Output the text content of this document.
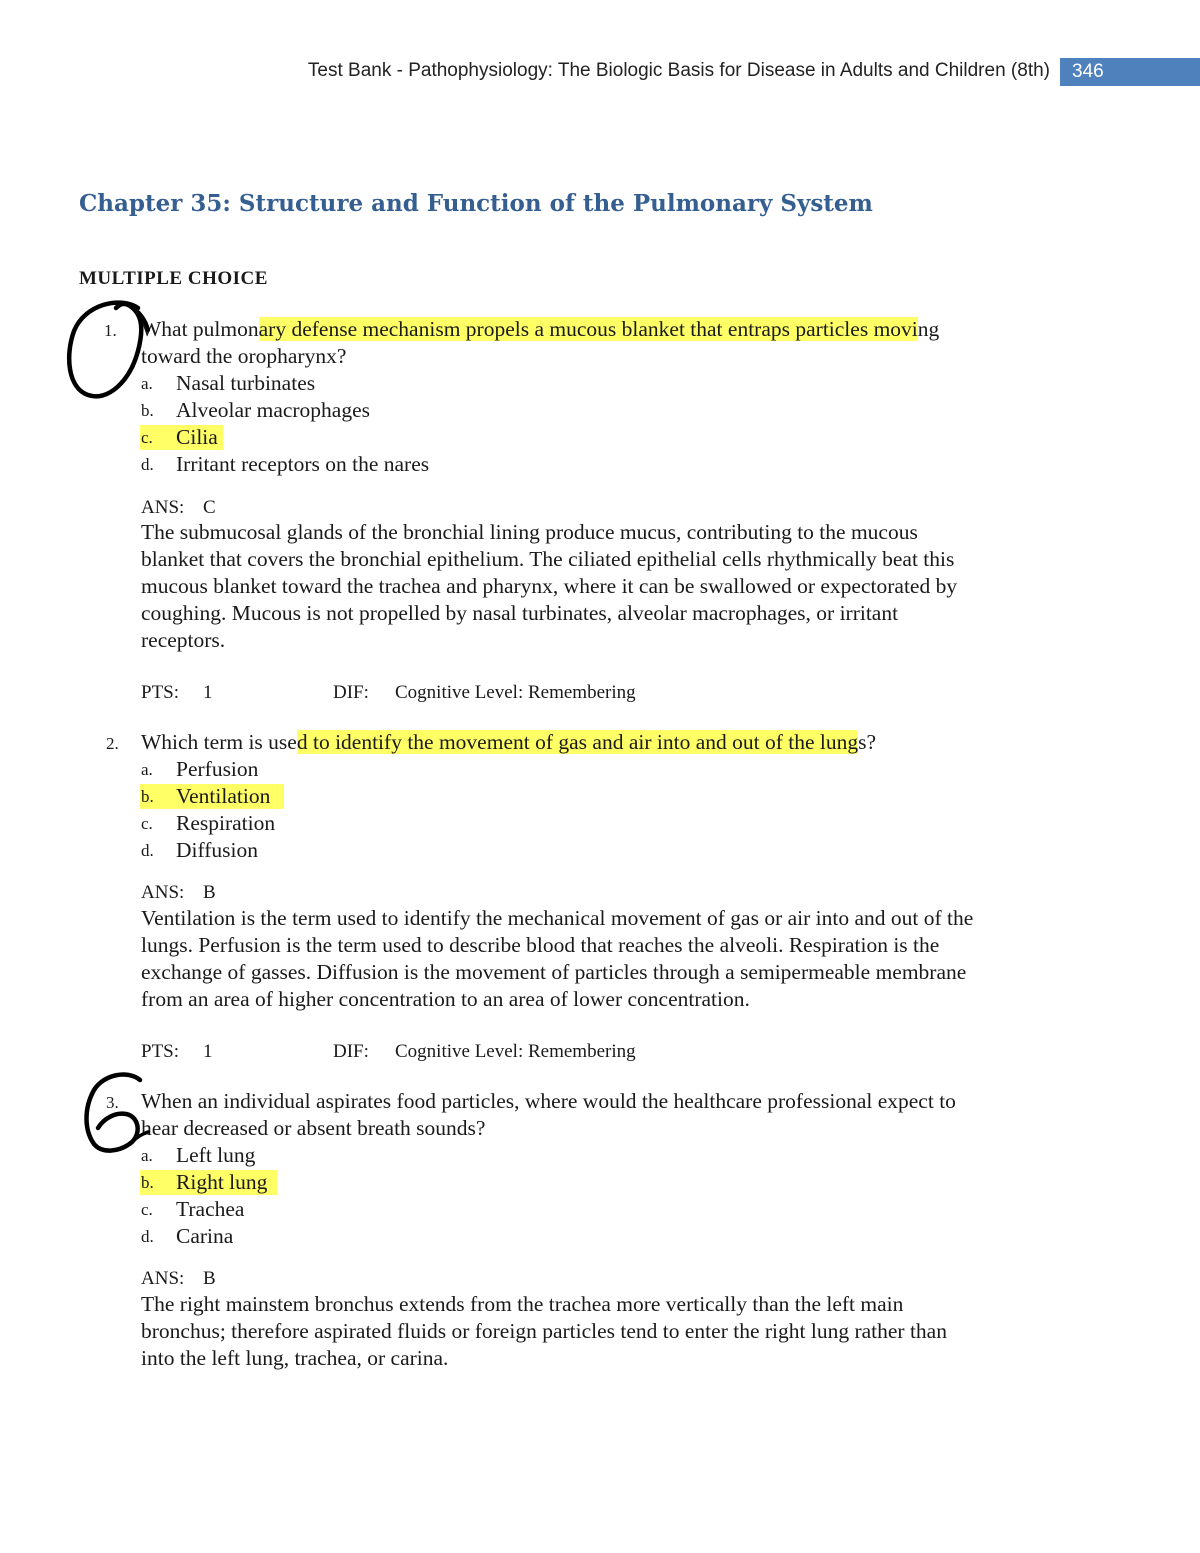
Test Bank - Pathophysiology: The Biologic Basis for Disease in Adults and Children (8th)	346
Chapter 35: Structure and Function of the Pulmonary System
MULTIPLE CHOICE
1. What pulmonary defense mechanism propels a mucous blanket that entraps particles moving
toward the oropharynx?
a. Nasal turbinates
b. Alveolar macrophages
c. Cilia
d. Irritant receptors on the nares
ANS: C
The submucosal glands of the bronchial lining produce mucus, contributing to the mucous
blanket that covers the bronchial epithelium. The ciliated epithelial cells rhythmically beat this
mucous blanket toward the trachea and pharynx, where it can be swallowed or expectorated by
coughing. Mucous is not propelled by nasal turbinates, alveolar macrophages, or irritant
receptors.
PTS: 1	DIF: Cognitive Level: Remembering
2. Which term is used to identify the movement of gas and air into and out of the lungs?
a. Perfusion
b. Ventilation
c. Respiration
d. Diffusion
ANS: B
Ventilation is the term used to identify the mechanical movement of gas or air into and out of the
lungs. Perfusion is the term used to describe blood that reaches the alveoli. Respiration is the
exchange of gasses. Diffusion is the movement of particles through a semipermeable membrane
from an area of higher concentration to an area of lower concentration.
PTS: 1	DIF: Cognitive Level: Remembering
3. When an individual aspirates food particles, where would the healthcare professional expect to
hear decreased or absent breath sounds?
a. Left lung
b. Right lung
c. Trachea
d. Carina
ANS: B
The right mainstem bronchus extends from the trachea more vertically than the left main
bronchus; therefore aspirated fluids or foreign particles tend to enter the right lung rather than
into the left lung, trachea, or carina.
